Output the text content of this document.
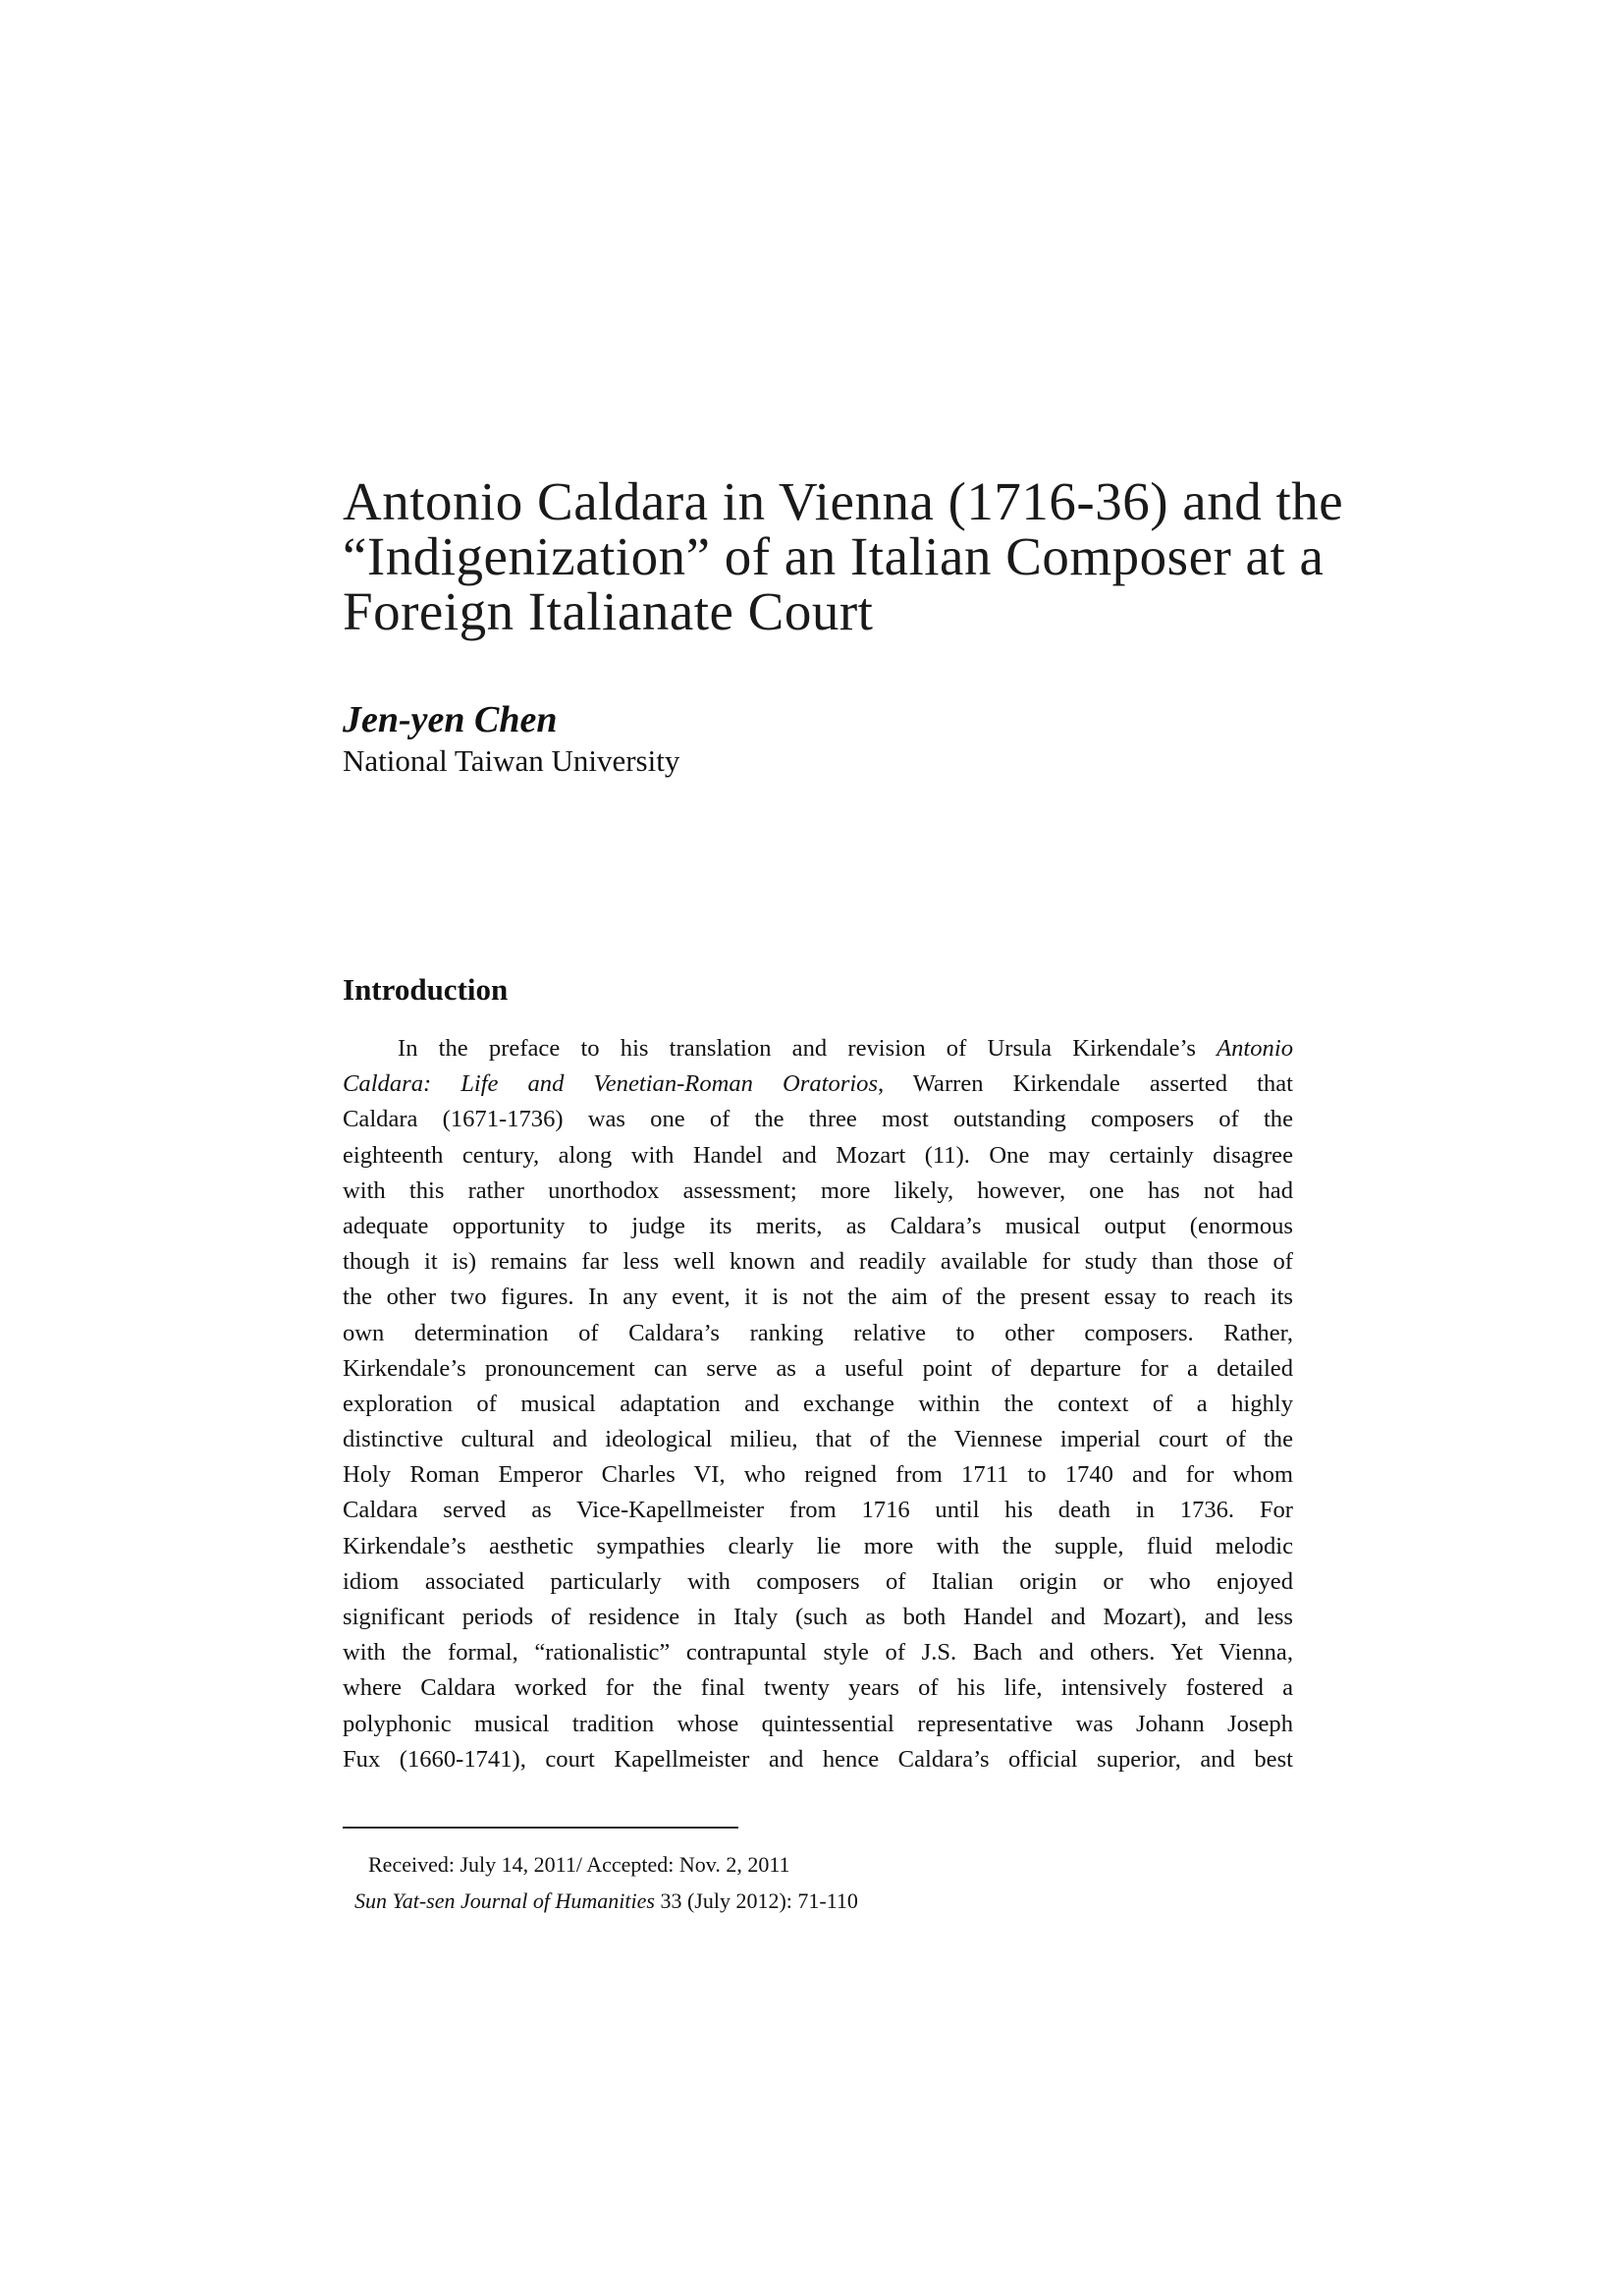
Antonio Caldara in Vienna (1716-36) and the
“Indigenization” of an Italian Composer at a
Foreign Italianate Court
Jen-yen Chen
National Taiwan University
Introduction
In the preface to his translation and revision of Ursula Kirkendale’s Antonio
Caldara: Life and Venetian-Roman Oratorios, Warren Kirkendale asserted that
Caldara (1671-1736) was one of the three most outstanding composers of the
eighteenth century, along with Handel and Mozart (11). One may certainly disagree
with this rather unorthodox assessment; more likely, however, one has not had
adequate opportunity to judge its merits, as Caldara’s musical output (enormous
though it is) remains far less well known and readily available for study than those of
the other two figures. In any event, it is not the aim of the present essay to reach its
own determination of Caldara’s ranking relative to other composers. Rather,
Kirkendale’s pronouncement can serve as a useful point of departure for a detailed
exploration of musical adaptation and exchange within the context of a highly
distinctive cultural and ideological milieu, that of the Viennese imperial court of the
Holy Roman Emperor Charles VI, who reigned from 1711 to 1740 and for whom
Caldara served as Vice-Kapellmeister from 1716 until his death in 1736. For
Kirkendale’s aesthetic sympathies clearly lie more with the supple, fluid melodic
idiom associated particularly with composers of Italian origin or who enjoyed
significant periods of residence in Italy (such as both Handel and Mozart), and less
with the formal, “rationalistic” contrapuntal style of J.S. Bach and others. Yet Vienna,
where Caldara worked for the final twenty years of his life, intensively fostered a
polyphonic musical tradition whose quintessential representative was Johann Joseph
Fux (1660-1741), court Kapellmeister and hence Caldara’s official superior, and best
Received: July 14, 2011/ Accepted: Nov. 2, 2011
Sun Yat-sen Journal of Humanities 33 (July 2012): 71-110
